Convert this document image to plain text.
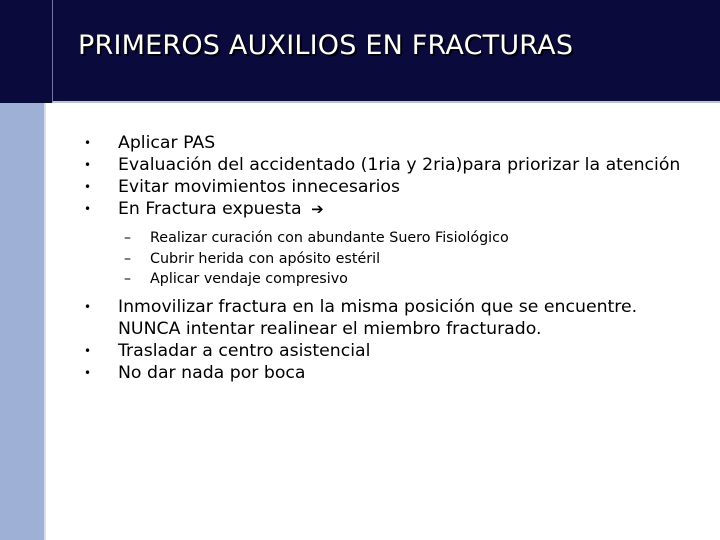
PRIMEROS AUXILIOS EN FRACTURAS
•	Aplicar PAS
•	Evaluación del accidentado (1ria y 2ria)para priorizar la atención
•	Evitar movimientos innecesarios
•	En Fractura expuesta ➔
– Realizar curación con abundante Suero Fisiológico
– Cubrir herida con apósito estéril
– Aplicar vendaje compresivo
•	Inmovilizar fractura en la misma posición que se encuentre.
NUNCA intentar realinear el miembro fracturado.
•	Trasladar a centro asistencial
•	No dar nada por boca
